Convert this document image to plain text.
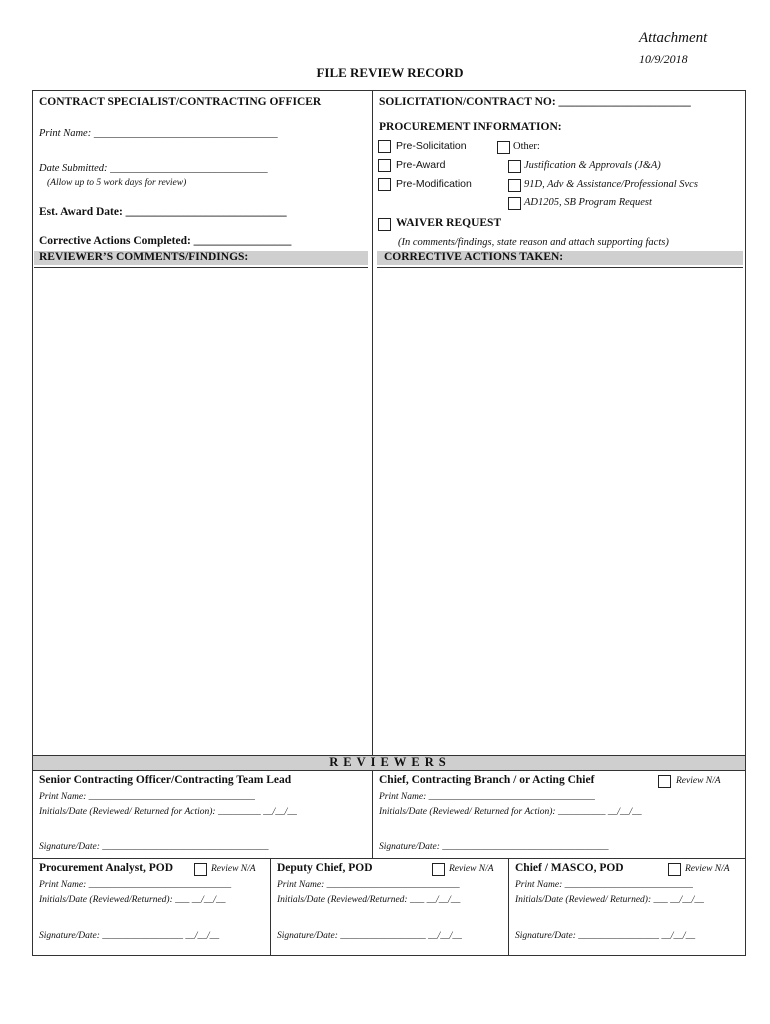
Attachment
10/9/2018
FILE REVIEW RECORD
CONTRACT SPECIALIST/CONTRACTING OFFICER
Print Name: ___________________________________
Date Submitted: ______________________________
(Allow up to 5 work days for review)
Est. Award Date: ____________________________
Corrective Actions Completed: _________________
SOLICITATION/CONTRACT NO: _______________________
PROCUREMENT INFORMATION:
Pre-Solicitation
Pre-Award
Pre-Modification
Other:
Justification & Approvals (J&A)
91D, Adv & Assistance/Professional Svcs
AD1205, SB Program Request
WAIVER REQUEST
(In comments/findings, state reason and attach supporting facts)
REVIEWER’S COMMENTS/FINDINGS:	CORRECTIVE ACTIONS TAKEN:
REVIEWERS
Senior Contracting Officer/Contracting Team Lead
Print Name: ___________________________________
Initials/Date (Reviewed/ Returned for Action): _________ __/__/__
Signature/Date: ___________________________________
Chief, Contracting Branch / or Acting Chief	Review N/A
Print Name: ___________________________________
Initials/Date (Reviewed/ Returned for Action): __________ __/__/__
Signature/Date: ___________________________________
Procurement Analyst, POD	Review N/A
Print Name: ______________________________
Initials/Date (Reviewed/Returned): ___ __/__/__
Signature/Date: _________________ __/__/__
Deputy Chief, POD	Review N/A
Print Name: ____________________________
Initials/Date (Reviewed/Returned: ___ __/__/__
Signature/Date: __________________ __/__/__
Chief / MASCO, POD	Review N/A
Print Name: ___________________________
Initials/Date (Reviewed/ Returned): ___ __/__/__
Signature/Date: _________________ __/__/__
